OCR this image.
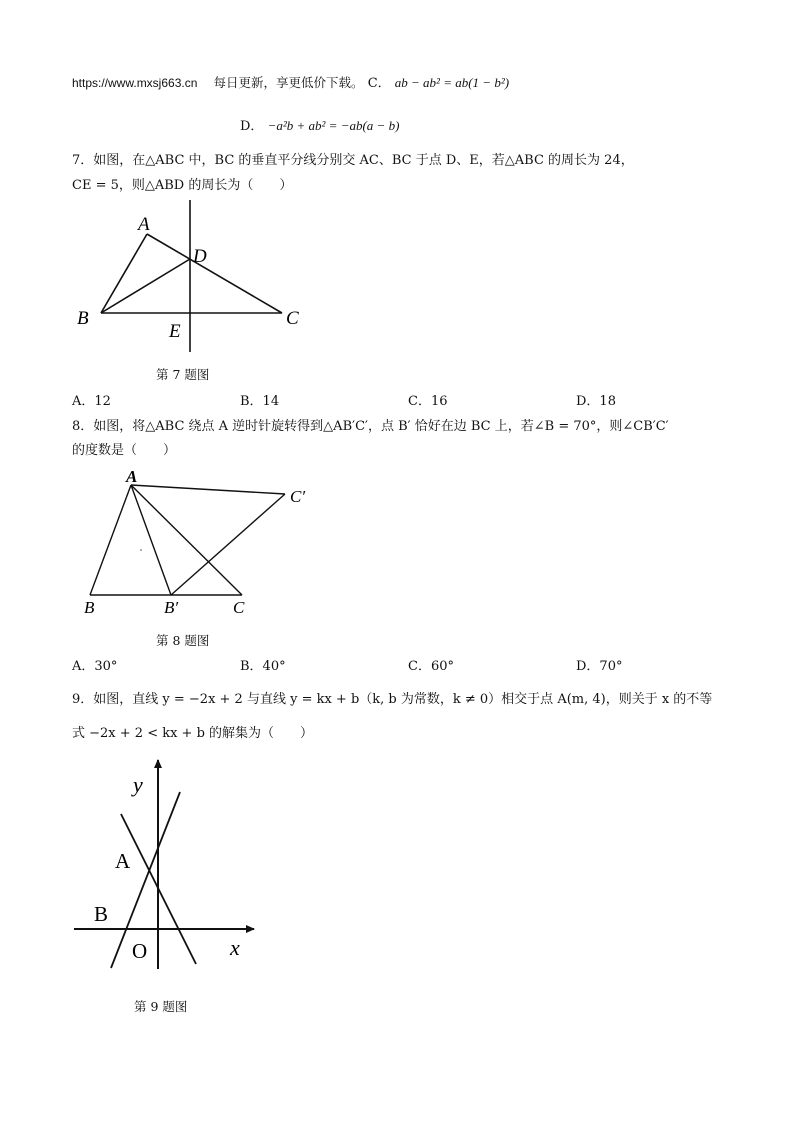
https://www.mxsj663.cn 每日更新，享更低价下载。 C． ab − ab² = ab(1 − b²)
D． −a²b + ab² = −ab(a − b)
7．如图，在△ABC 中，BC 的垂直平分线分别交 AC、BC 于点 D、E，若△ABC 的周长为 24，
CE = 5，则△ABD 的周长为（　　）
A
B	C
D
E
第 7 题图
A．12	B．14	C．16	D．18
8．如图，将△ABC 绕点 A 逆时针旋转得到△AB′C′，点 B′ 恰好在边 BC 上，若∠B = 70°，则∠CB′C′
的度数是（　　）
A
B	B′	C
C′
第 8 题图
A．30°	B．40°	C．60°	D．70°
9．如图，直线 y = −2x + 2 与直线 y = kx + b（k, b 为常数，k ≠ 0）相交于点 A(m, 4)，则关于 x 的不等
式 −2x + 2 < kx + b 的解集为（　　）
y
x
A
B
O
第 9 题图
